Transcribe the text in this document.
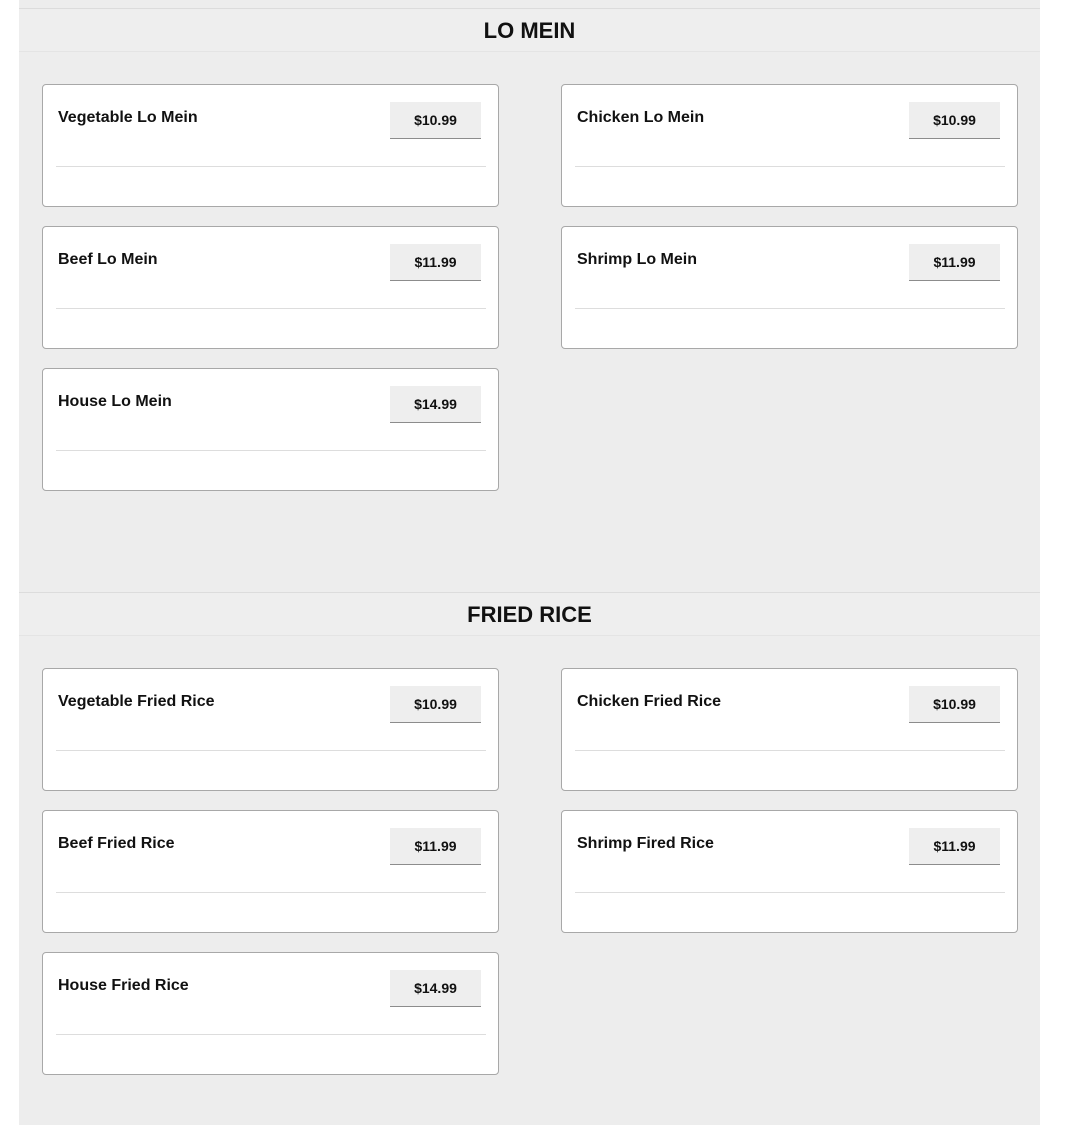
LO MEIN
Vegetable Lo Mein	$10.99	Chicken Lo Mein	$10.99
Beef Lo Mein	$11.99	Shrimp Lo Mein	$11.99
House Lo Mein	$14.99
FRIED RICE
Vegetable Fried Rice	$10.99	Chicken Fried Rice	$10.99
Beef Fried Rice	$11.99	Shrimp Fired Rice	$11.99
House Fried Rice	$14.99
